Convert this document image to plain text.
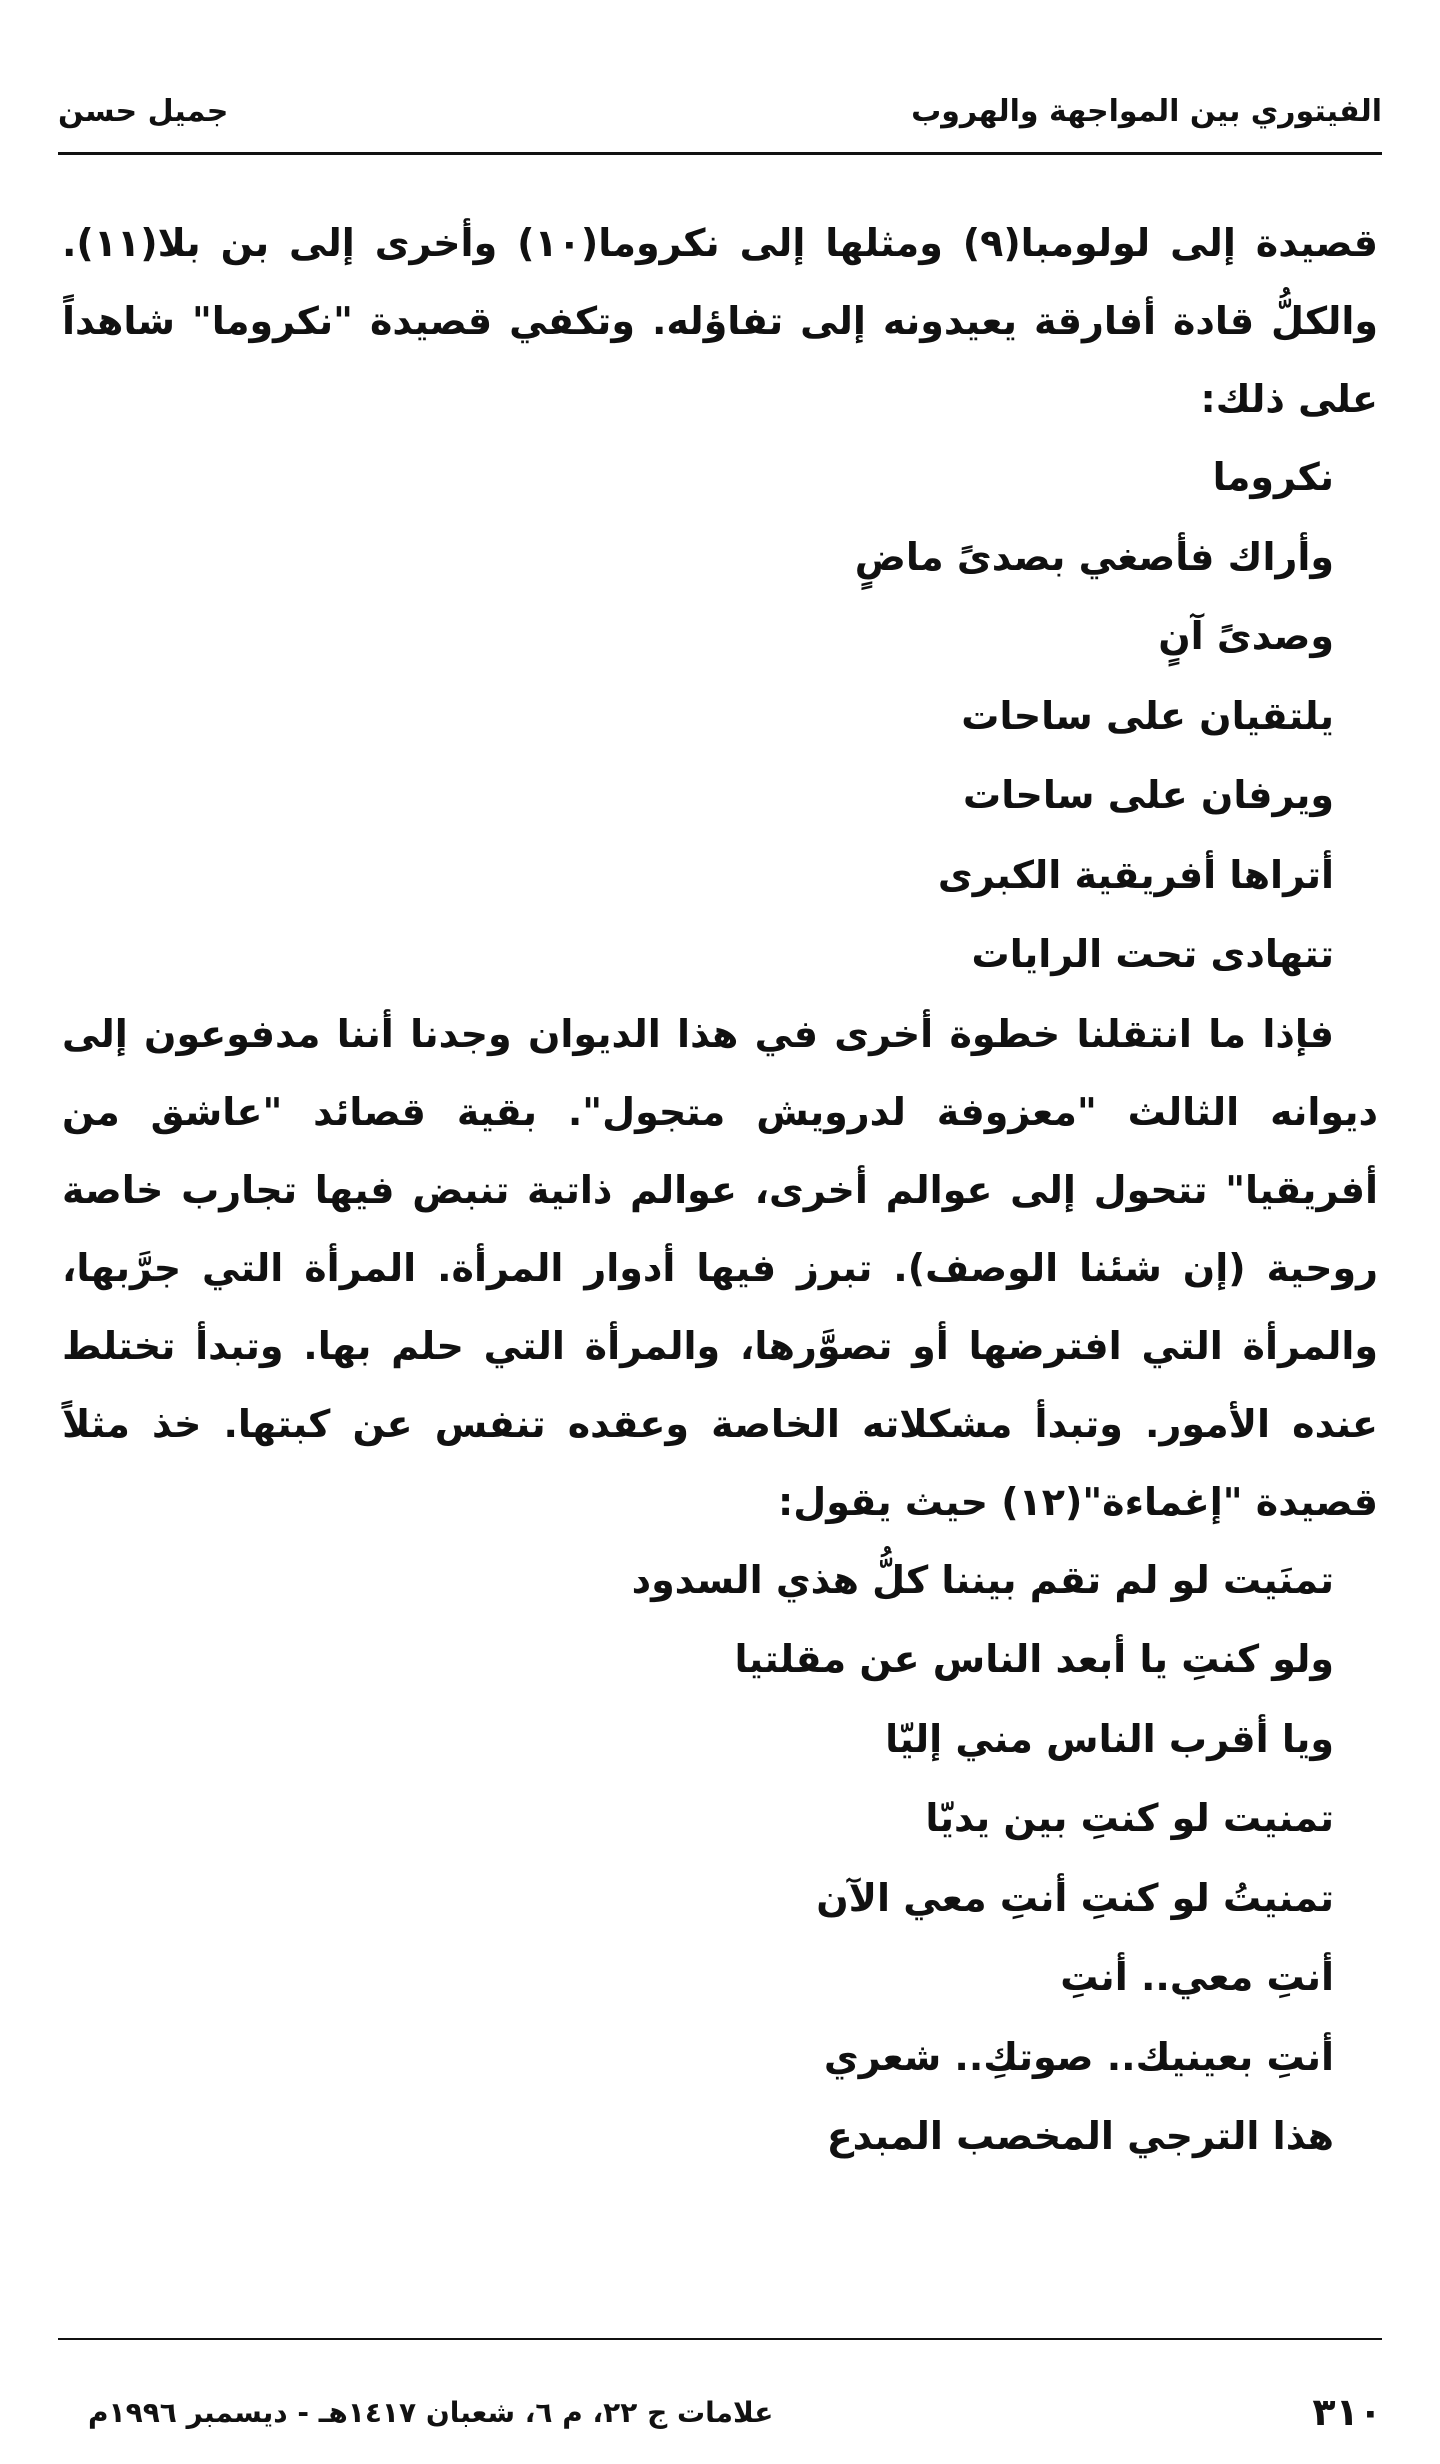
الفيتوري بين المواجهة والهروب
جميل حسن

قصيدة إلى لولومبا(٩) ومثلها إلى نكروما(١٠) وأخرى إلى بن بلا(١١). والكلُّ قادة أفارقة يعيدونه إلى تفاؤله. وتكفي قصيدة "نكروما" شاهداً على ذلك:

نكروما
وأراك فأصغي بصدىً ماضٍ
وصدىً آنٍ
يلتقيان على ساحات
ويرفان على ساحات
أتراها أفريقية الكبرى
تتهادى تحت الرايات

فإذا ما انتقلنا خطوة أخرى في هذا الديوان وجدنا أننا مدفوعون إلى ديوانه الثالث "معزوفة لدرويش متجول". بقية قصائد "عاشق من أفريقيا" تتحول إلى عوالم أخرى، عوالم ذاتية تنبض فيها تجارب خاصة روحية (إن شئنا الوصف). تبرز فيها أدوار المرأة. المرأة التي جرَّبها، والمرأة التي افترضها أو تصوَّرها، والمرأة التي حلم بها. وتبدأ تختلط عنده الأمور. وتبدأ مشكلاته الخاصة وعقده تنفس عن كبتها. خذ مثلاً قصيدة "إغماءة"(١٢) حيث يقول:

تمنَيت لو لم تقم بيننا كلُّ هذي السدود
ولو كنتِ يا أبعد الناس عن مقلتيا
ويا أقرب الناس مني إليّا
تمنيت لو كنتِ بين يديّا
تمنيتُ لو كنتِ أنتِ معي الآن
أنتِ معي.. أنتِ
أنتِ بعينيك.. صوتكِ.. شعري
هذا الترجي المخصب المبدع
٣١٠
علامات ج ٢٢، م ٦، شعبان ١٤١٧هـ - ديسمبر ١٩٩٦م
